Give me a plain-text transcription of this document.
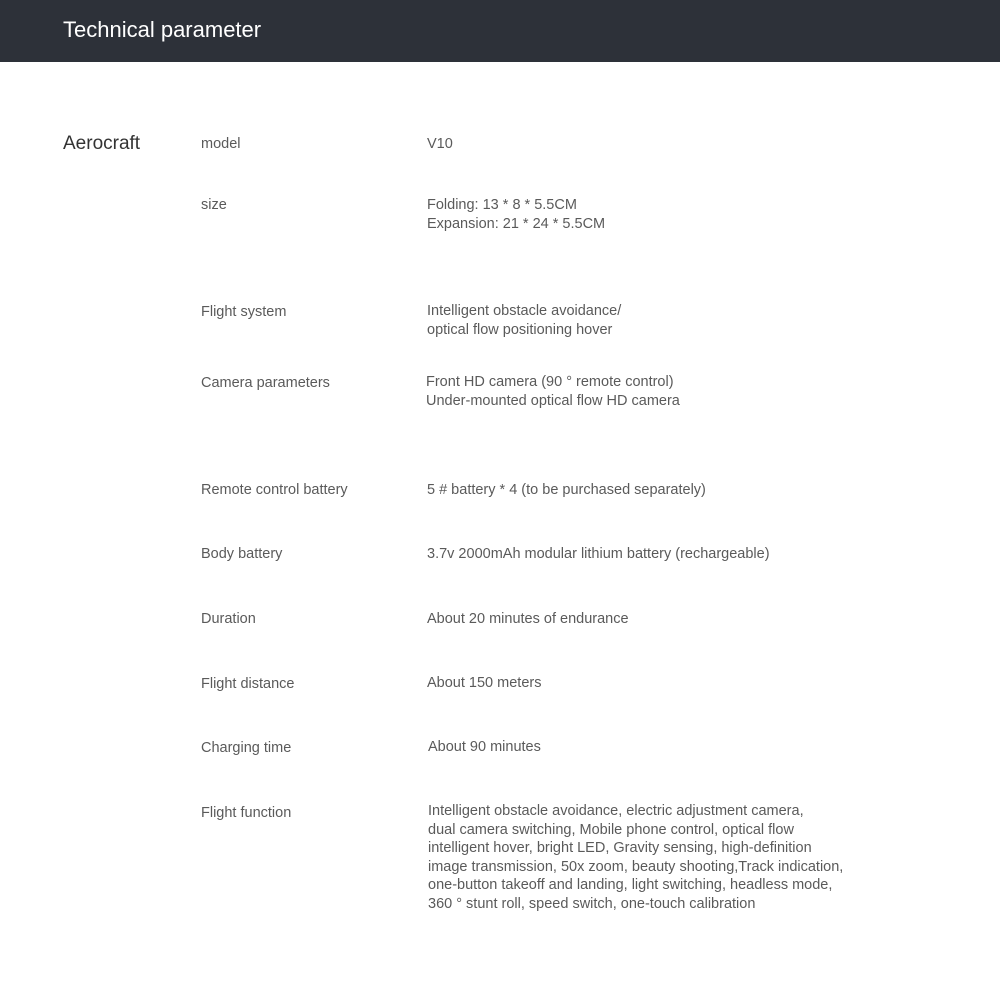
Technical parameter
Aerocraft	model	V10
size	Folding: 13 * 8 * 5.5CM
Expansion: 21 * 24 * 5.5CM
Flight system	Intelligent obstacle avoidance/
optical flow positioning hover
Camera parameters	Front HD camera (90 ° remote control)
Under-mounted optical flow HD camera
Remote control battery	5 # battery * 4 (to be purchased separately)
Body battery	3.7v 2000mAh modular lithium battery (rechargeable)
Duration	About 20 minutes of endurance
Flight distance	About 150 meters
Charging time	About 90 minutes
Flight function	Intelligent obstacle avoidance, electric adjustment camera,
dual camera switching, Mobile phone control, optical flow
intelligent hover, bright LED, Gravity sensing, high-definition
image transmission, 50x zoom, beauty shooting,Track indication,
one-button takeoff and landing, light switching, headless mode,
360 ° stunt roll, speed switch, one-touch calibration
